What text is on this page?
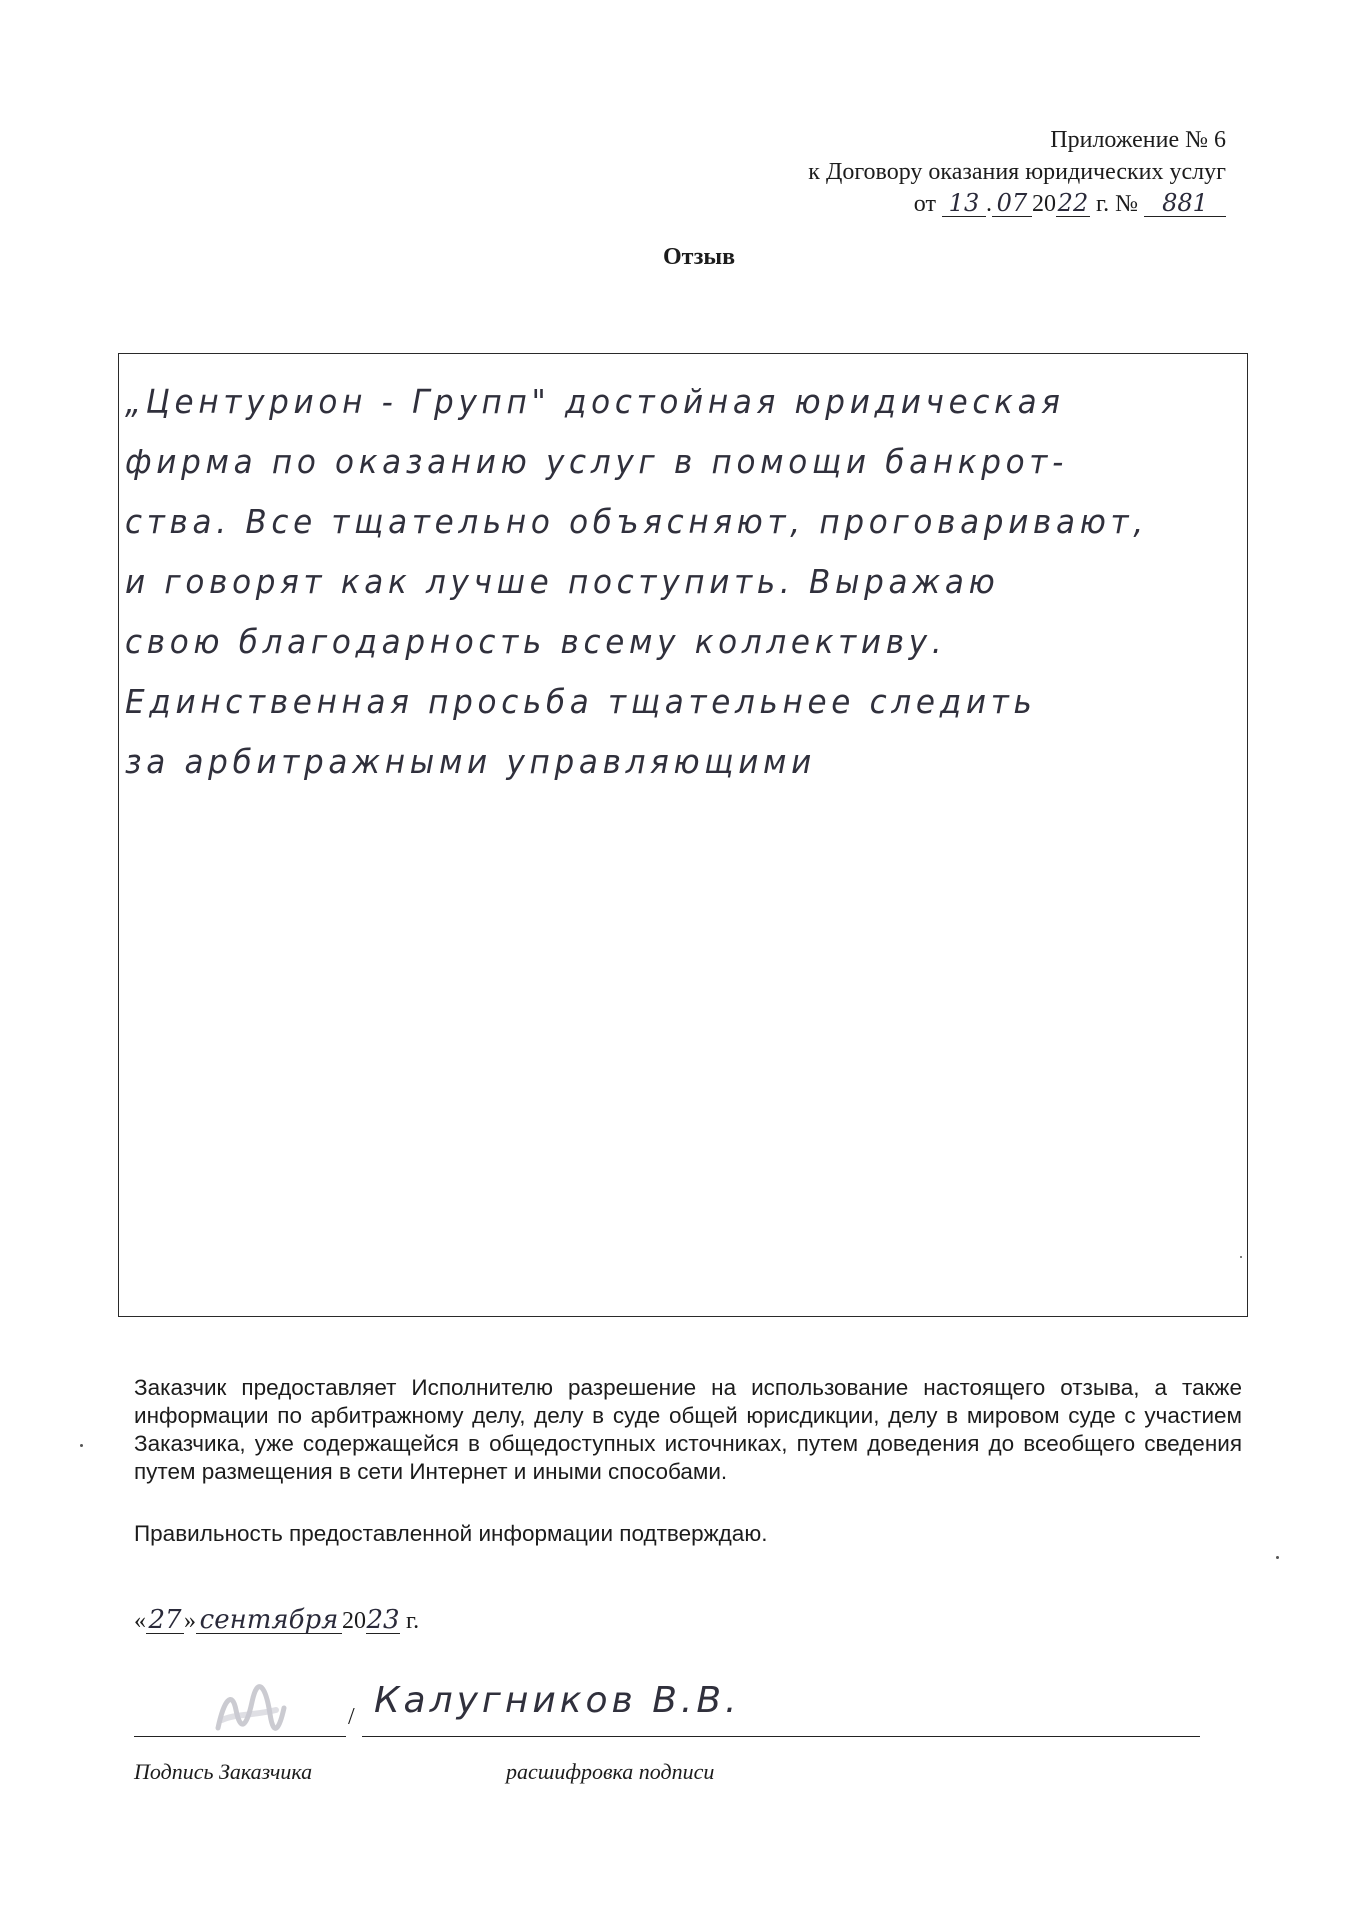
Приложение № 6
к Договору оказания юридических услуг
от 13 . 07 2022 г. № 881
Отзыв
„Центурион - Групп" достойная юридическая
фирма по оказанию услуг в помощи банкрот-
ства. Все тщательно объясняют, проговаривают,
и говорят как лучше поступить. Выражаю
свою благодарность всему коллективу.
Единственная просьба тщательнее следить
за арбитражными управляющими
Заказчик предоставляет Исполнителю разрешение на использование настоящего отзыва, а также информации по арбитражному делу, делу в суде общей юрисдикции, делу в мировом суде с участием Заказчика, уже содержащейся в общедоступных источниках, путем доведения до всеобщего сведения путем размещения в сети Интернет и иными способами.
Правильность предоставленной информации подтверждаю.
«27 » сентября 2023 г.
/ Калугников В.В.
Подпись Заказчика	расшифровка подписи
